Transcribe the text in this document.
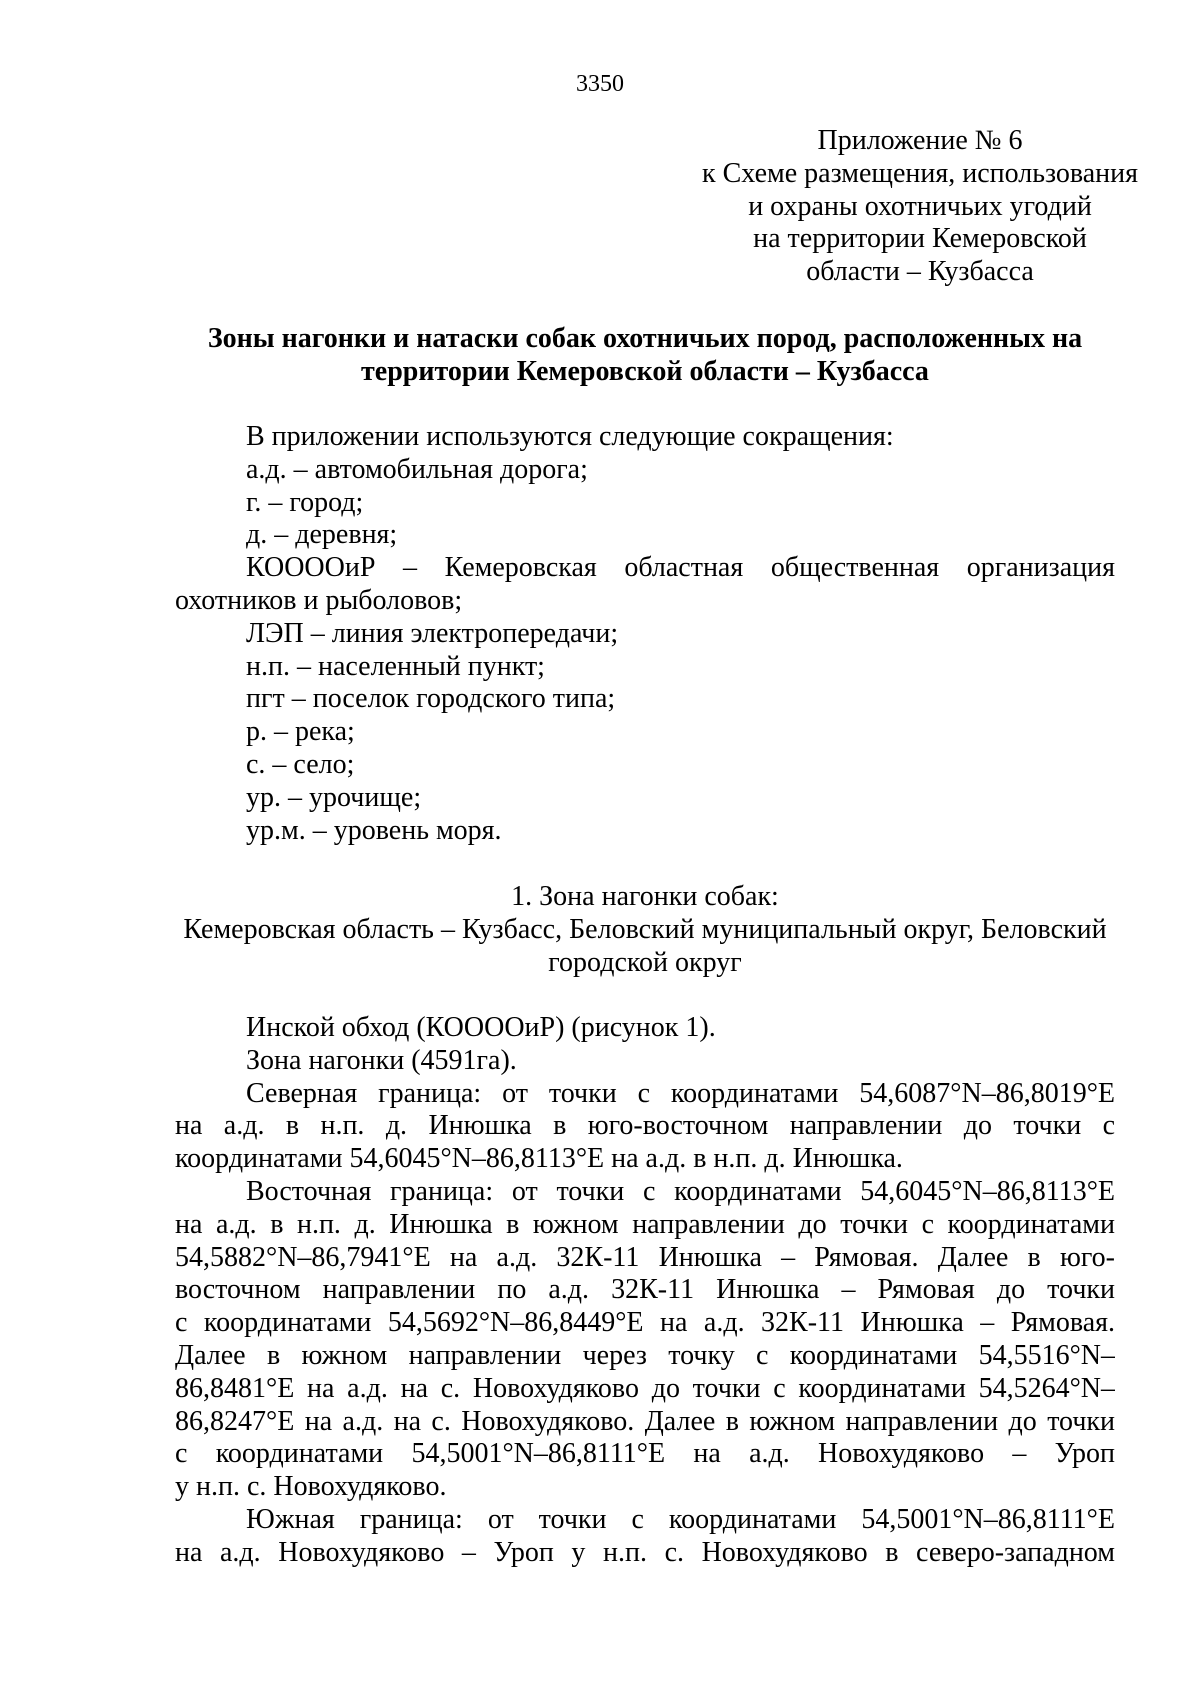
3350
Приложение № 6
к Схеме размещения, использования
и охраны охотничьих угодий
на территории Кемеровской
области – Кузбасса
Зоны нагонки и натаски собак охотничьих пород, расположенных на
территории Кемеровской области – Кузбасса
В приложении используются следующие сокращения:
а.д. – автомобильная дорога;
г. – город;
д. – деревня;
КООООиР – Кемеровская областная общественная организация
охотников и рыболовов;
ЛЭП – линия электропередачи;
н.п. – населенный пункт;
пгт – поселок городского типа;
р. – река;
с. – село;
ур. – урочище;
ур.м. – уровень моря.
1. Зона нагонки собак:
Кемеровская область – Кузбасс, Беловский муниципальный округ, Беловский
городской округ
Инской обход (КООООиР) (рисунок 1).
Зона нагонки (4591га).
Северная граница: от точки с координатами 54,6087°N–86,8019°E
на а.д. в н.п. д. Инюшка в юго-восточном направлении до точки с
координатами 54,6045°N–86,8113°E на а.д. в н.п. д. Инюшка.
Восточная граница: от точки с координатами 54,6045°N–86,8113°E
на а.д. в н.п. д. Инюшка в южном направлении до точки с координатами
54,5882°N–86,7941°E на а.д. 32К-11 Инюшка – Рямовая. Далее в юго-
восточном направлении по а.д. 32К-11 Инюшка – Рямовая до точки
с координатами 54,5692°N–86,8449°E на а.д. 32К-11 Инюшка – Рямовая.
Далее в южном направлении через точку с координатами 54,5516°N–
86,8481°E на а.д. на с. Новохудяково до точки с координатами 54,5264°N–
86,8247°E на а.д. на с. Новохудяково. Далее в южном направлении до точки
с координатами 54,5001°N–86,8111°E на а.д. Новохудяково – Уроп
у н.п. с. Новохудяково.
Южная граница: от точки с координатами 54,5001°N–86,8111°E
на а.д. Новохудяково – Уроп у н.п. с. Новохудяково в северо-западном
